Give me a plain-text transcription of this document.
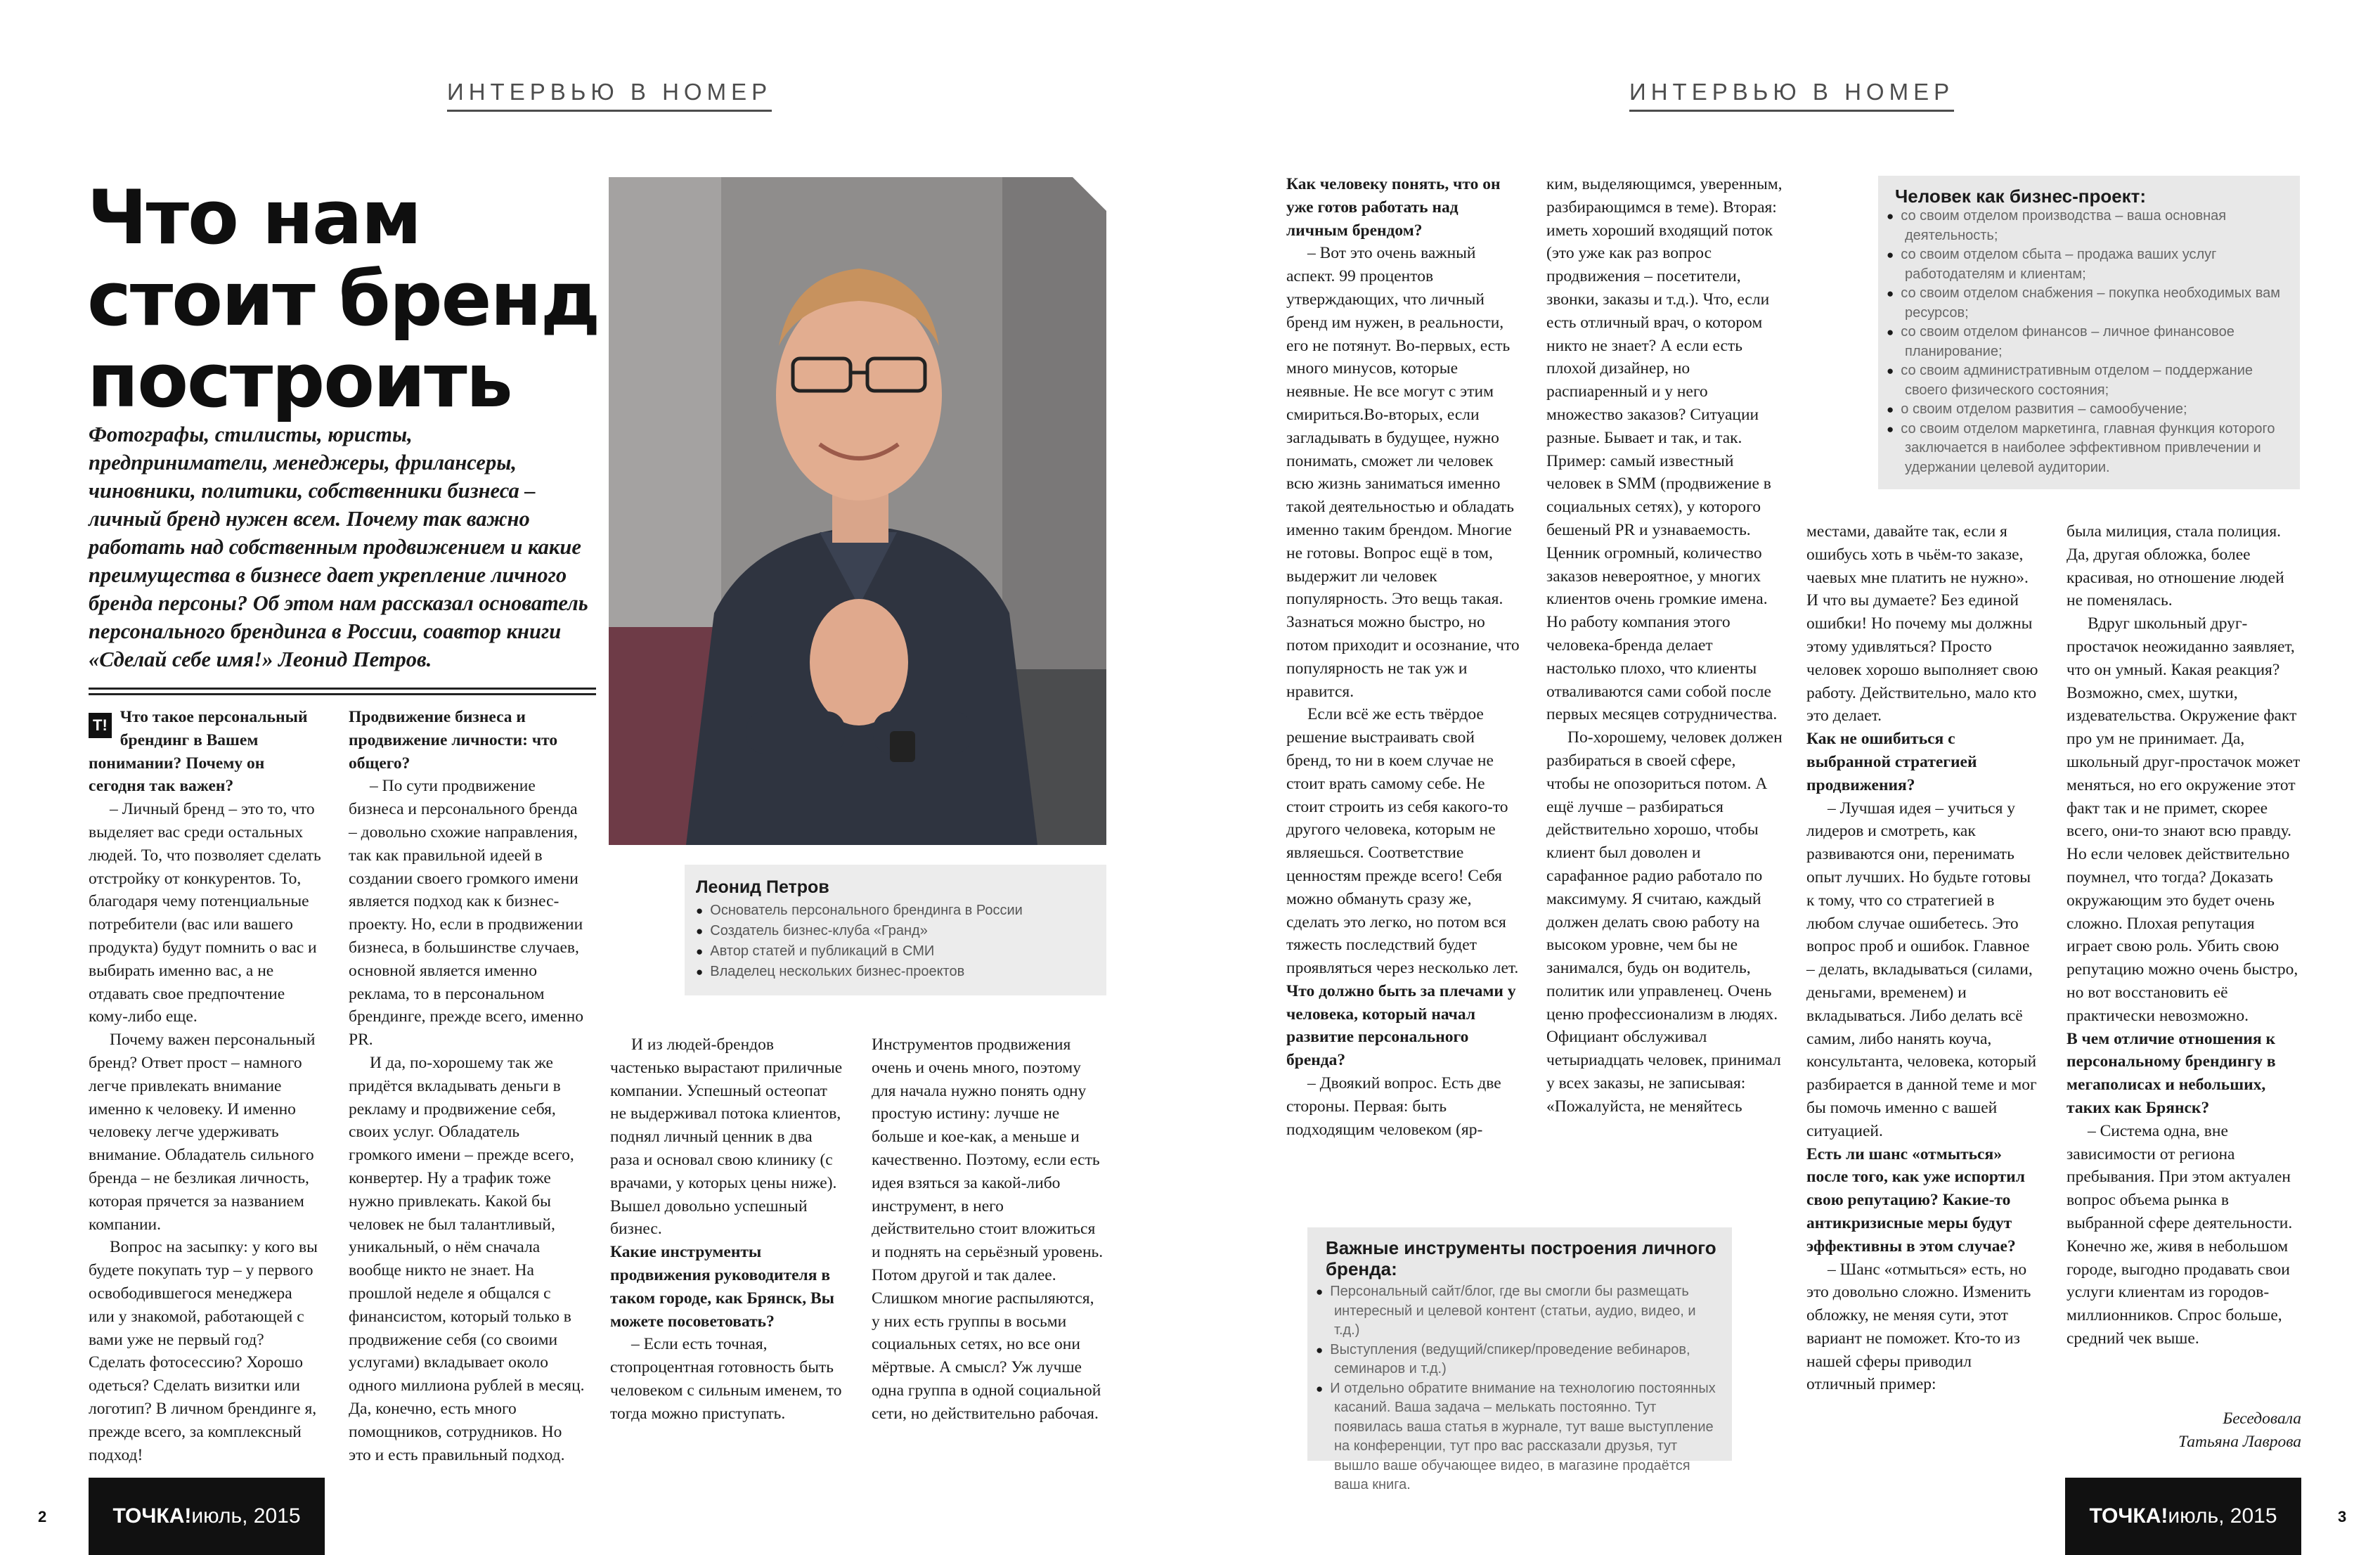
ИНТЕРВЬЮ В НОМЕР	ИНТЕРВЬЮ В НОМЕР
Что нам
стоит бренд
построить
Фотографы, стилисты, юристы, предприниматели, менеджеры, фрилансеры, чиновники, политики, собственники бизнеса – личный бренд нужен всем. Почему так важно работать над собственным продвижением и какие преимущества в бизнесе дает укрепление личного бренда персоны? Об этом нам рассказал основатель персонального брендинга в России, соавтор книги «Сделай себе имя!» Леонид Петров.
Т! Что такое персональный брендинг в Вашем понимании? Почему он сегодня так важен?

– Личный бренд – это то, что выделяет вас среди остальных людей. То, что позволяет сделать отстройку от конкурентов. То, благодаря чему потенциальные потребители (вас или вашего продукта) будут помнить о вас и выбирать именно вас, а не отдавать свое предпочтение кому-либо еще.

Почему важен персональный бренд? Ответ прост – намного легче привлекать внимание именно к человеку. И именно человеку легче удерживать внимание. Обладатель сильного бренда – не безликая личность, которая прячется за названием компании.

Вопрос на засыпку: у кого вы будете покупать тур – у первого освободившегося менеджера или у знакомой, работающей с вами уже не первый год? Сделать фотосессию? Хорошо одеться? Сделать визитки или логотип? В личном брендинге я, прежде всего, за комплексный подход!

Продвижение бизнеса и продвижение личности: что общего?

– По сути продвижение бизнеса и персонального бренда – довольно схожие направления, так как правильной идеей в создании своего громкого имени является подход как к бизнес-проекту. Но, если в продвижении бизнеса, в большинстве случаев, основной является именно реклама, то в персональном брендинге, прежде всего, именно PR.

И да, по-хорошему так же придётся вкладывать деньги в рекламу и продвижение себя, своих услуг. Обладатель громкого имени – прежде всего, конвертер. Ну а трафик тоже нужно привлекать. Какой бы человек не был талантливый, уникальный, о нём сначала вообще никто не знает. На прошлой неделе я общался с финансистом, который только в продвижение себя (со своими услугами) вкладывает около одного миллиона рублей в месяц. Да, конечно, есть много помощников, сотрудников. Но это и есть правильный подход.

Леонид Петров
● Основатель персонального брендинга в России
● Создатель бизнес-клуба «Гранд»
● Автор статей и публикаций в СМИ
● Владелец нескольких бизнес-проектов

И из людей-брендов частенько вырастают приличные компании. Успешный остеопат не выдерживал потока клиентов, поднял личный ценник в два раза и основал свою клинику (с врачами, у которых цены ниже). Вышел довольно успешный бизнес.

Какие инструменты продвижения руководителя в таком городе, как Брянск, Вы можете посоветовать?

– Если есть точная, стопроцентная готовность быть человеком с сильным именем, то тогда можно приступать.

Инструментов продвижения очень и очень много, поэтому для начала нужно понять одну простую истину: лучше не больше и кое-как, а меньше и качественно. Поэтому, если есть идея взяться за какой-либо инструмент, в него действительно стоит вложиться и поднять на серьёзный уровень. Потом другой и так далее. Слишком многие распыляются, у них есть группы в восьми социальных сетях, но все они мёртвые. А смысл? Уж лучше одна группа в одной социальной сети, но действительно рабочая.

Как человеку понять, что он уже готов работать над личным брендом?

– Вот это очень важный аспект. 99 процентов утверждающих, что личный бренд им нужен, в реальности, его не потянут. Во-первых, есть много минусов, которые неявные. Не все могут с этим смириться.Во-вторых, если загладывать в будущее, нужно понимать, сможет ли человек всю жизнь заниматься именно такой деятельностью и обладать именно таким брендом. Многие не готовы. Вопрос ещё в том, выдержит ли человек популярность. Это вещь такая. Зазнаться можно быстро, но потом приходит и осознание, что популярность не так уж и нравится.

Если всё же есть твёрдое решение выстраивать свой бренд, то ни в коем случае не стоит врать самому себе. Не стоит строить из себя какого-то другого человека, которым не являешься. Соответствие ценностям прежде всего! Себя можно обмануть сразу же, сделать это легко, но потом вся тяжесть последствий будет проявляться через несколько лет.

Что должно быть за плечами у человека, который начал развитие персонального бренда?

– Двоякий вопрос. Есть две стороны. Первая: быть подходящим человеком (яр-

ким, выделяющимся, уверенным, разбирающимся в теме). Вторая: иметь хороший входящий поток (это уже как раз вопрос продвижения – посетители, звонки, заказы и т.д.). Что, если есть отличный врач, о котором никто не знает? А если есть плохой дизайнер, но распиаренный и у него множество заказов? Ситуации разные. Бывает и так, и так. Пример: самый известный человек в SMM (продвижение в социальных сетях), у которого бешеный PR и узнаваемость. Ценник огромный, количество заказов невероятное, у многих клиентов очень громкие имена. Но работу компания этого человека-бренда делает настолько плохо, что клиенты отваливаются сами собой после первых месяцев сотрудничества.

По-хорошему, человек должен разбираться в своей сфере, чтобы не опозориться потом. А ещё лучше – разбираться действительно хорошо, чтобы клиент был доволен и сарафанное радио работало по максимуму. Я считаю, каждый должен делать свою работу на высоком уровне, чем бы не занимался, будь он водитель, политик или управленец. Очень ценю профессионализм в людях. Официант обслуживал четыриадцать человек, принимал у всех заказы, не записывая: «Пожалуйста, не меняйтесь

Человек как бизнес-проект:
● со своим отделом производства – ваша основная деятельность;
● со своим отделом сбыта – продажа ваших услуг работодателям и клиентам;
● со своим отделом снабжения – покупка необходимых вам ресурсов;
● со своим отделом финансов – личное финансовое планирование;
● со своим административным отделом – поддержание своего физического состояния;
● о своим отделом развития – самообучение;
● со своим отделом маркетинга, главная функция которого заключается в наиболее эффективном привлечении и удержании целевой аудитории.

местами, давайте так, если я ошибусь хоть в чьём-то заказе, чаевых мне платить не нужно». И что вы думаете? Без единой ошибки! Но почему мы должны этому удивляться? Просто человек хорошо выполняет свою работу. Действительно, мало кто это делает.

Как не ошибиться с выбранной стратегией продвижения?

– Лучшая идея – учиться у лидеров и смотреть, как развиваются они, перенимать опыт лучших. Но будьте готовы к тому, что со стратегией в любом случае ошибетесь. Это вопрос проб и ошибок. Главное – делать, вкладываться (силами, деньгами, временем) и вкладываться. Либо делать всё самим, либо нанять коуча, консультанта, человека, который разбирается в данной теме и мог бы помочь именно с вашей ситуацией.

Есть ли шанс «отмыться» после того, как уже испортил свою репутацию? Какие-то антикризисные меры будут эффективны в этом случае?

– Шанс «отмыться» есть, но это довольно сложно. Изменить обложку, не меняя сути, этот вариант не поможет. Кто-то из нашей сферы приводил отличный пример:

была милиция, стала полиция. Да, другая обложка, более красивая, но отношение людей не поменялась.

Вдруг школьный друг-простачок неожиданно заявляет, что он умный. Какая реакция? Возможно, смех, шутки, издевательства. Окружение факт про ум не принимает. Да, школьный друг-простачок может меняться, но его окружение этот факт так и не примет, скорее всего, они-то знают всю правду. Но если человек действительно поумнел, что тогда? Доказать окружающим это будет очень сложно. Плохая репутация играет свою роль. Убить свою репутацию можно очень быстро, но вот восстановить её практически невозможно.

В чем отличие отношения к персональному брендингу в мегаполисах и небольших, таких как Брянск?

– Система одна, вне зависимости от региона пребывания. При этом актуален вопрос объема рынка в выбранной сфере деятельности. Конечно же, живя в небольшом городе, выгодно продавать свои услуги клиентам из городов-миллионников. Спрос больше, средний чек выше.

Беседовала
Татьяна Лаврова
Важные инструменты построения личного бренда:
● Персональный сайт/блог, где вы смогли бы размещать интересный и целевой контент (статьи, аудио, видео, и т.д.)
● Выступления (ведущий/спикер/проведение вебинаров, семинаров и т.д.)
● И отдельно обратите внимание на технологию постоянных касаний. Ваша задача – мелькать постоянно. Тут появилась ваша статья в журнале, тут ваше выступление на конференции, тут про вас рассказали друзья, тут вышло ваше обучающее видео, в магазине продаётся ваша книга.
ТОЧКА! июль, 2015	ТОЧКА! июль, 2015
2	3
